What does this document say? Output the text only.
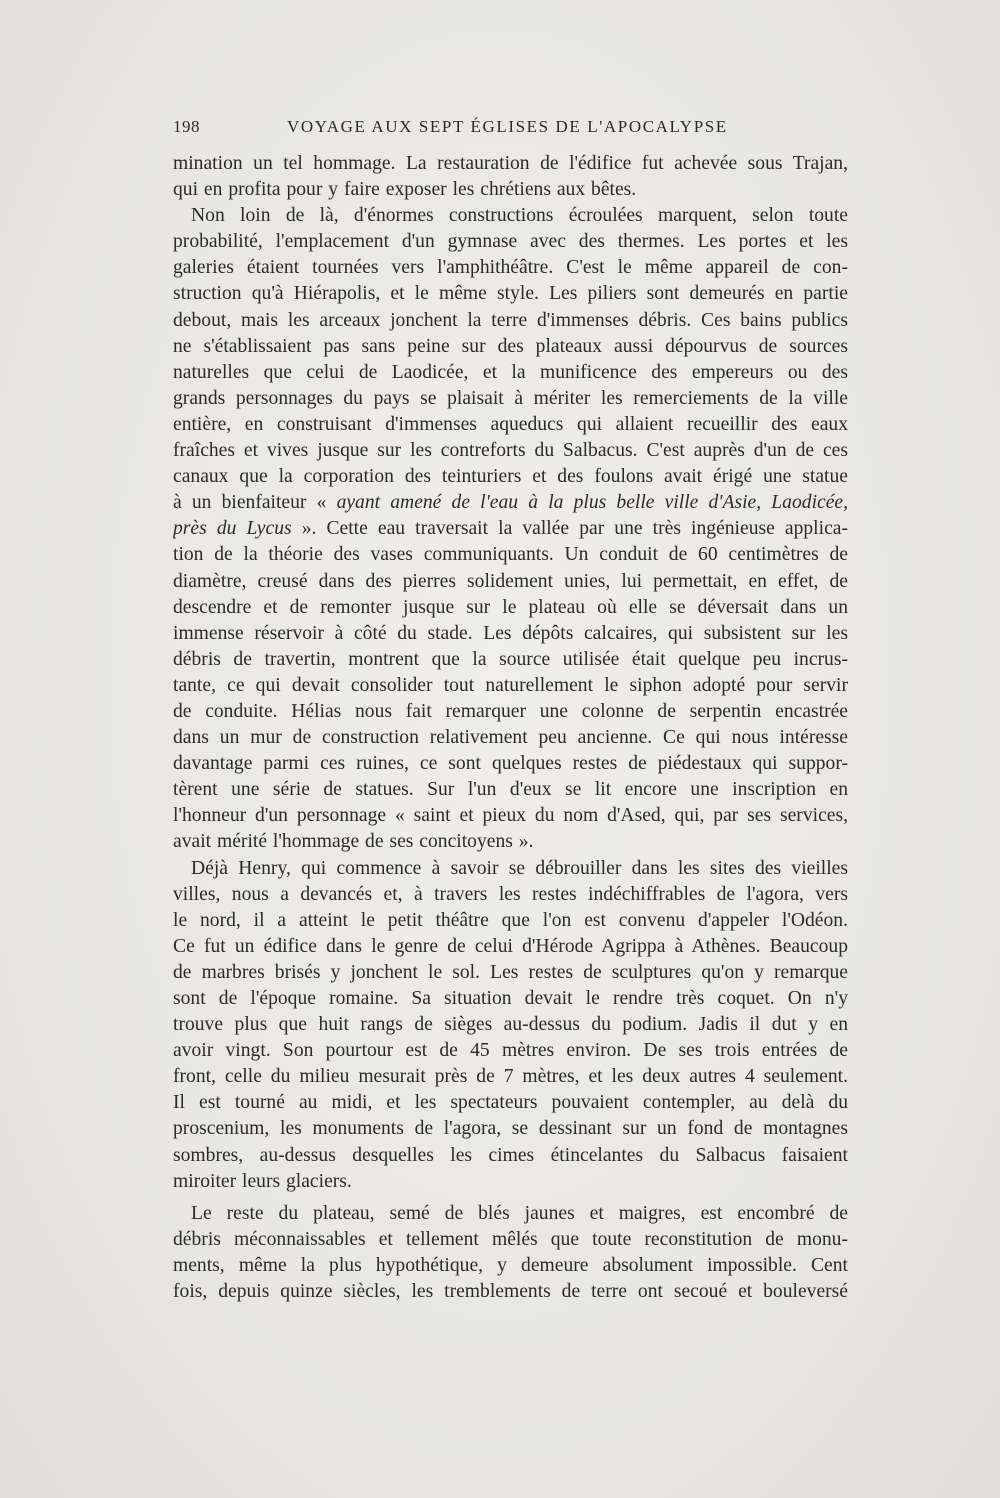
198	VOYAGE AUX SEPT ÉGLISES DE L'APOCALYPSE
mination un tel hommage. La restauration de l'édifice fut achevée sous Trajan,
qui en profita pour y faire exposer les chrétiens aux bêtes.
Non loin de là, d'énormes constructions écroulées marquent, selon toute
probabilité, l'emplacement d'un gymnase avec des thermes. Les portes et les
galeries étaient tournées vers l'amphithéâtre. C'est le même appareil de con-
struction qu'à Hiérapolis, et le même style. Les piliers sont demeurés en partie
debout, mais les arceaux jonchent la terre d'immenses débris. Ces bains publics
ne s'établissaient pas sans peine sur des plateaux aussi dépourvus de sources
naturelles que celui de Laodicée, et la munificence des empereurs ou des
grands personnages du pays se plaisait à mériter les remerciements de la ville
entière, en construisant d'immenses aqueducs qui allaient recueillir des eaux
fraîches et vives jusque sur les contreforts du Salbacus. C'est auprès d'un de ces
canaux que la corporation des teinturiers et des foulons avait érigé une statue
à un bienfaiteur « ayant amené de l'eau à la plus belle ville d'Asie, Laodicée,
près du Lycus ». Cette eau traversait la vallée par une très ingénieuse applica-
tion de la théorie des vases communiquants. Un conduit de 60 centimètres de
diamètre, creusé dans des pierres solidement unies, lui permettait, en effet, de
descendre et de remonter jusque sur le plateau où elle se déversait dans un
immense réservoir à côté du stade. Les dépôts calcaires, qui subsistent sur les
débris de travertin, montrent que la source utilisée était quelque peu incrus-
tante, ce qui devait consolider tout naturellement le siphon adopté pour servir
de conduite. Hélias nous fait remarquer une colonne de serpentin encastrée
dans un mur de construction relativement peu ancienne. Ce qui nous intéresse
davantage parmi ces ruines, ce sont quelques restes de piédestaux qui suppor-
tèrent une série de statues. Sur l'un d'eux se lit encore une inscription en
l'honneur d'un personnage « saint et pieux du nom d'Ased, qui, par ses services,
avait mérité l'hommage de ses concitoyens ».
Déjà Henry, qui commence à savoir se débrouiller dans les sites des vieilles
villes, nous a devancés et, à travers les restes indéchiffrables de l'agora, vers
le nord, il a atteint le petit théâtre que l'on est convenu d'appeler l'Odéon.
Ce fut un édifice dans le genre de celui d'Hérode Agrippa à Athènes. Beaucoup
de marbres brisés y jonchent le sol. Les restes de sculptures qu'on y remarque
sont de l'époque romaine. Sa situation devait le rendre très coquet. On n'y
trouve plus que huit rangs de sièges au-dessus du podium. Jadis il dut y en
avoir vingt. Son pourtour est de 45 mètres environ. De ses trois entrées de
front, celle du milieu mesurait près de 7 mètres, et les deux autres 4 seulement.
Il est tourné au midi, et les spectateurs pouvaient contempler, au delà du
proscenium, les monuments de l'agora, se dessinant sur un fond de montagnes
sombres, au-dessus desquelles les cimes étincelantes du Salbacus faisaient
miroiter leurs glaciers.
Le reste du plateau, semé de blés jaunes et maigres, est encombré de
débris méconnaissables et tellement mêlés que toute reconstitution de monu-
ments, même la plus hypothétique, y demeure absolument impossible. Cent
fois, depuis quinze siècles, les tremblements de terre ont secoué et bouleversé
